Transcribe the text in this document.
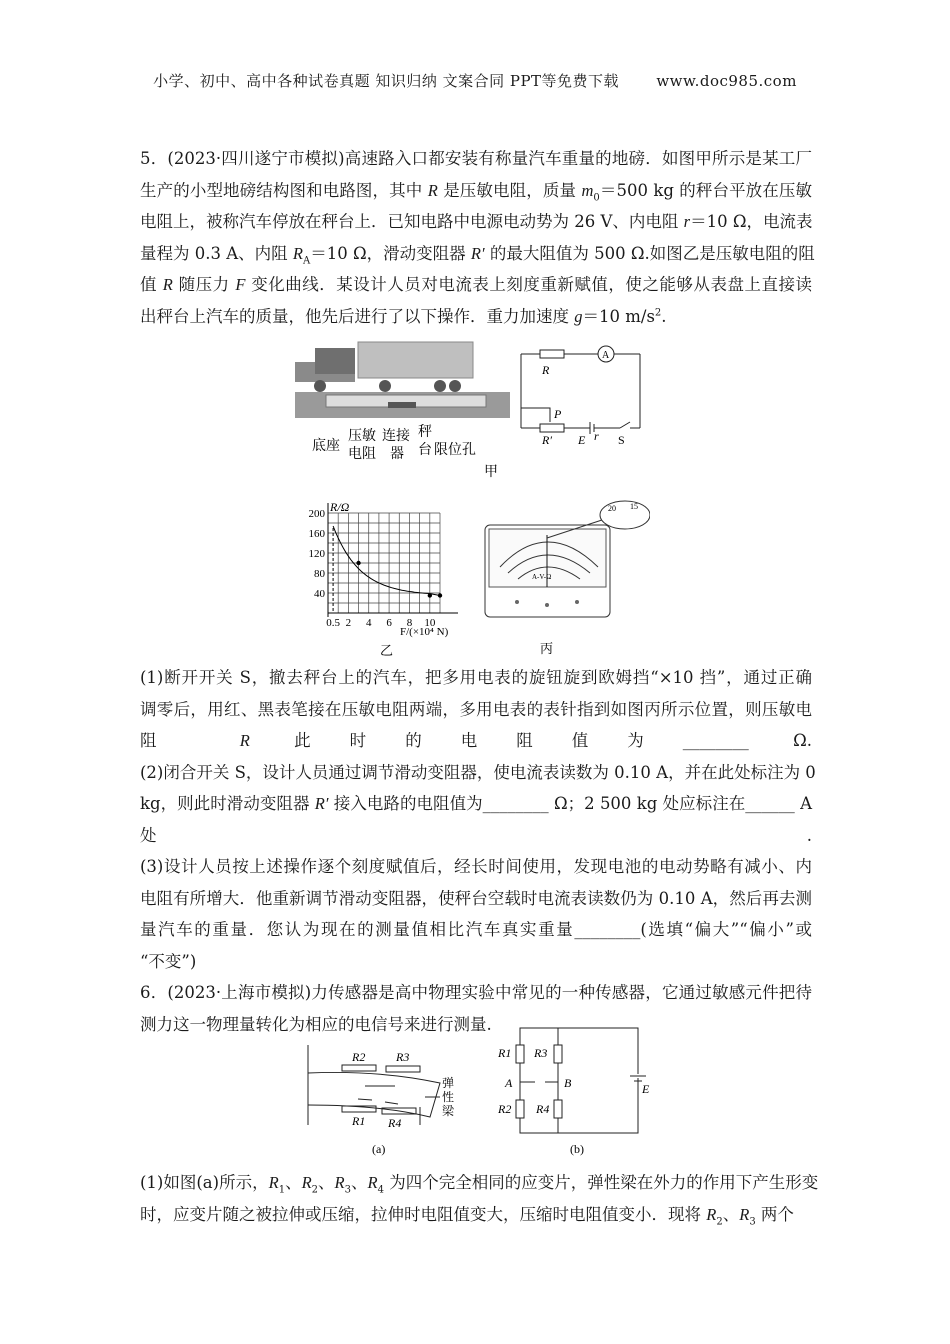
小学、初中、高中各种试卷真题 知识归纳 文案合同 PPT等免费下载 www.doc985.com
5．(2023·四川遂宁市模拟)高速路入口都安装有称量汽车重量的地磅．如图甲所示是某工厂
生产的小型地磅结构图和电路图，其中 R 是压敏电阻，质量 $m_0=500$ kg 的秤台平放在压敏
电阻上，被称汽车停放在秤台上．已知电路中电源电动势为 26 V、内电阻 r＝10 Ω，电流表
量程为 0.3 A、内阻 $R_A=10$ Ω，滑动变阻器 R′ 的最大阻值为 500 Ω.如图乙是压敏电阻的阻
值 R 随压力 F 变化曲线．某设计人员对电流表上刻度重新赋值，使之能够从表盘上直接读
出秤台上汽车的质量，他先后进行了以下操作．重力加速度 g＝10 $m/s^2$.
R
A
P
R′ E r S
底座
压敏
电阻
连接
器
秤
台 限位孔
甲
40
80
120
160
200
0.5 2 4 6 8 10
R/Ω
F/(×10⁴ N)
乙
20 15
A-V-Ω
丙
(1)断开开关 S，撤去秤台上的汽车，把多用电表的旋钮旋到欧姆挡“×10 挡”，通过正确
调零后，用红、黑表笔接在压敏电阻两端，多用电表的表针指到如图丙所示位置，则压敏电
阻 R 此时的电阻值为________ Ω.
(2)闭合开关 S，设计人员通过调节滑动变阻器，使电流表读数为 0.10 A，并在此处标注为 0
kg，则此时滑动变阻器 R′ 接入电路的电阻值为________ Ω；2 500 kg 处应标注在______ A
处.
(3)设计人员按上述操作逐个刻度赋值后，经长时间使用，发现电池的电动势略有减小、内
电阻有所增大．他重新调节滑动变阻器，使秤台空载时电流表读数仍为 0.10 A，然后再去测
量汽车的重量．您认为现在的测量值相比汽车真实重量________(选填“偏大”“偏小”或
“不变”)
6．(2023·上海市模拟)力传感器是高中物理实验中常见的一种传感器，它通过敏感元件把待
测力这一物理量转化为相应的电信号来进行测量.
R2	R3
R1 R4
弹
性
梁
(a)
R1 R3
A	B
R2 R4
E
(b)
(1)如图(a)所示，$R_1$、$R_2$、$R_3$、$R_4$ 为四个完全相同的应变片，弹性梁在外力的作用下产生形变
时，应变片随之被拉伸或压缩，拉伸时电阻值变大，压缩时电阻值变小．现将 $R_2$、$R_3$ 两个
